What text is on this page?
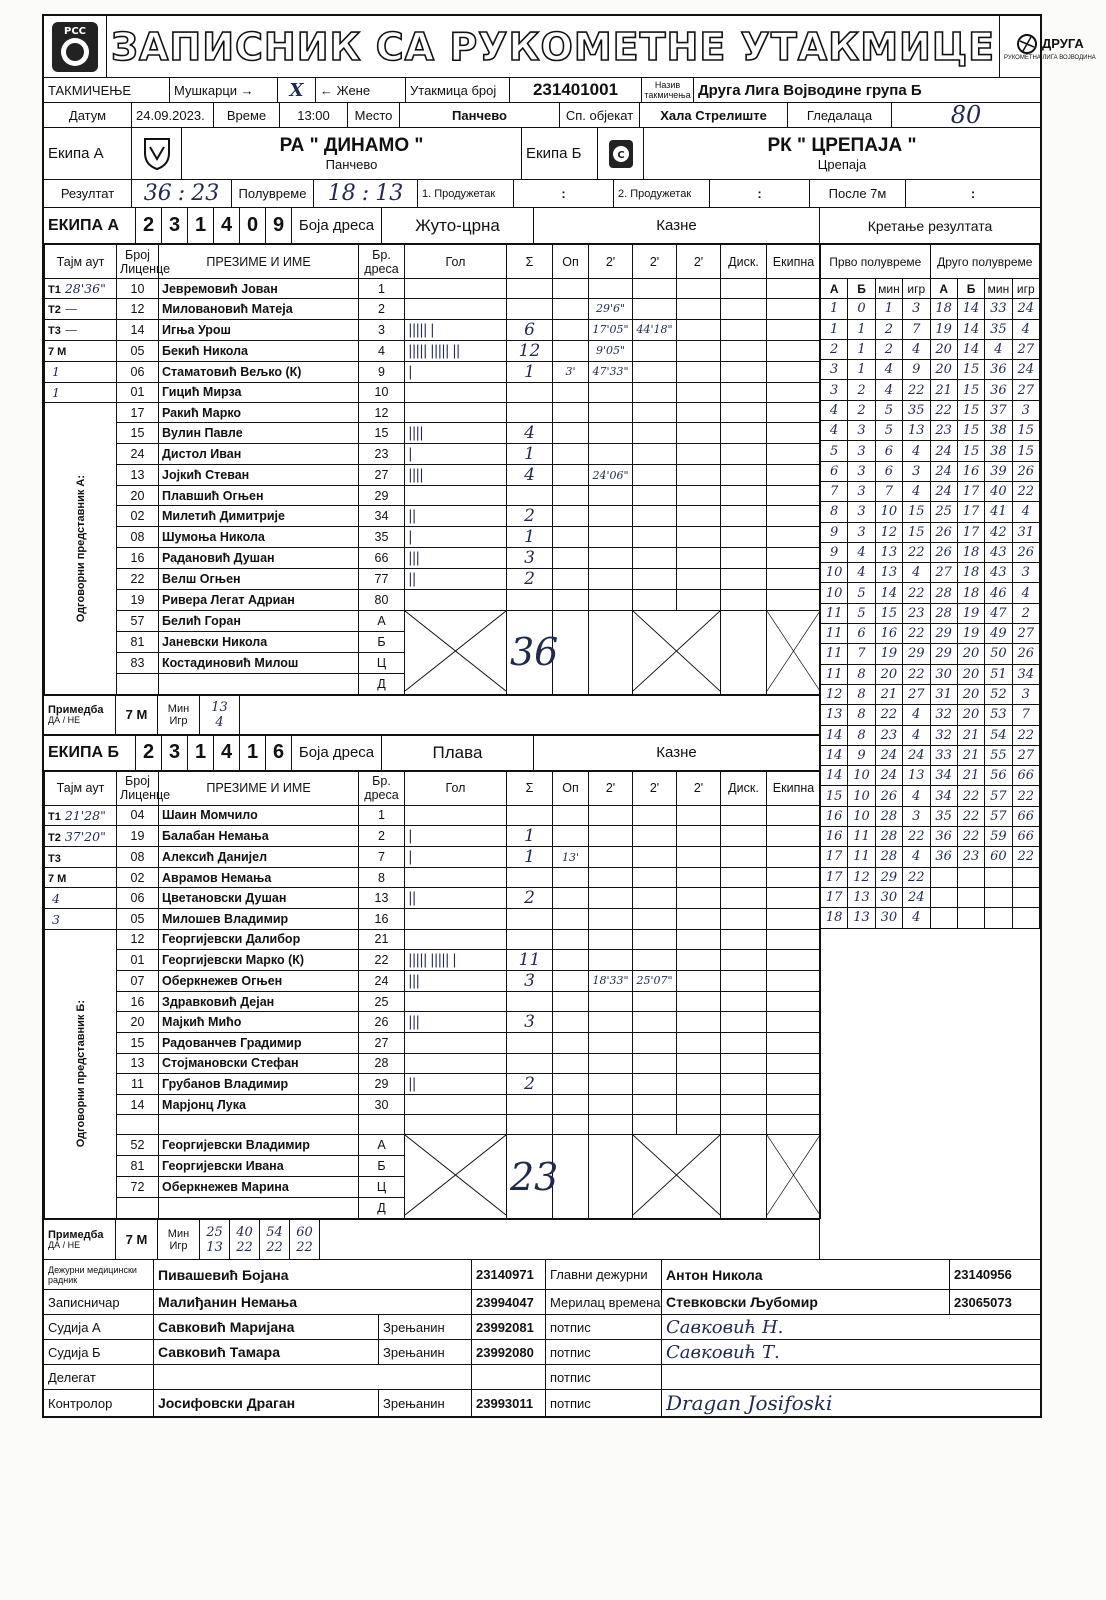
РСС ЗАПИСНИК СА РУКОМЕТНЕ УТАКМИЦЕ	ДРУГА
РУКОМЕТНА ЛИГА ВОЈВОДИНА
ТАКМИЧЕЊЕ	Мушкарци →	X	← Жене	Утакмица број	231401001	Назив такмичења Друга Лига Војводине група Б
Датум	24.09.2023.	Време	13:00	Место	Панчево	Сп. објекат	Хала Стрелиште	Гледалаца	80
Екипа А	РА " ДИНАМО "
Панчево
Екипа Б	C	РК " ЦРЕПАЈА "
Црепаја
Резултат	36 : 23	Полувреме 18 : 13	1. Продужетак	:	2. Продужетак	:	После 7м	:
ЕКИПА А	2 3 1 4 0 9 Боја дреса	Жуто-црна	Казне
Тајм аут	Број Лиценце	ПРЕЗИМЕ И ИМЕ	Бр. дреса	Гол	Σ	Оп	2'	2'	2'	Диск.	Екипна
Т1 28'36"	10	Јевремовић Јован	1								
Т2 —	12	Миловановић Матеја	2				29'6"				
Т3 —	14	Игња Урош	3	||||| |	6		17'05"	44'18"			
7 М	05	Бекић Никола	4	||||| ||||| ||	12		9'05"				
1	06	Стаматовић Вељко (К)	9	|	1	3'	47'33"				
1	01	Гицић Мирза	10								

Одговорни представник А:	17	Ракић Марко	12								
	15	Вулин Павле	15	||||	4						
	24	Дистол Иван	23	|	1						
	13	Јојкић Стеван	27	||||	4		24'06"				
	20	Плавшић Огњен	29								
	02	Милетић Димитрије	34	||	2						
	08	Шумоња Никола	35	|	1						
	16	Радановић Душан	66	|||	3						
	22	Велш Огњен	77	||	2						
	19	Ривера Легат Адриан	80								
	57	Белић Горан	А		36					
	81	Јаневски Никола	Б								
	83	Костадиновић Милош	Ц								
			Д								
Примедба
ДА / НЕ	7 М	Мин
Игр
13
4
ЕКИПА Б	2 3 1 4 1 6 Боја дреса	Плава	Казне
Тајм аут	Број Лиценце	ПРЕЗИМЕ И ИМЕ	Бр. дреса	Гол	Σ	Оп	2'	2'	2'	Диск.	Екипна
Т1 21'28"	04	Шаин Момчило	1								
Т2 37'20"	19	Балабан Немања	2	|	1						
Т3	08	Алексић Данијел	7	|	1	13'					
7 М	02	Аврамов Немања	8								
4	06	Цветановски Душан	13	||	2						
3	05	Милошев Владимир	16								

Одговорни представник Б:	12	Георгијевски Далибор	21								
	01	Георгијевски Марко (К)	22	||||| ||||| |	11						
	07	Оберкнежев Огњен	24	|||	3		18'33"	25'07"			
	16	Здравковић Дејан	25								
	20	Мајкић Мићо	26	|||	3						
	15	Радованчев Градимир	27								
	13	Стојмановски Стефан	28								
	11	Грубанов Владимир	29	||	2						
	14	Марјонц Лука	30								

	52	Георгијевски Владимир	А		23					
	81	Георгијевски Ивана	Б								
	72	Оберкнежев Марина	Ц								
			Д								
Примедба
ДА / НЕ	7 М	Мин
Игр
25
13
40
22
54
22
60
22
Кретање резултата
Прво полувреме				Друго полувреме			
А	Б	мин	игр	А	Б	мин	игр
1	0	1	3	18	14	33	24
1	1	2	7	19	14	35	4
2	1	2	4	20	14	4	27
3	1	4	9	20	15	36	24
3	2	4	22	21	15	36	27
4	2	5	35	22	15	37	3
4	3	5	13	23	15	38	15
5	3	6	4	24	15	38	15
6	3	6	3	24	16	39	26
7	3	7	4	24	17	40	22
8	3	10	15	25	17	41	4
9	3	12	15	26	17	42	31
9	4	13	22	26	18	43	26
10	4	13	4	27	18	43	3
10	5	14	22	28	18	46	4
11	5	15	23	28	19	47	2
11	6	16	22	29	19	49	27
11	7	19	29	29	20	50	26
11	8	20	22	30	20	51	34
12	8	21	27	31	20	52	3
13	8	22	4	32	20	53	7
14	8	23	4	32	21	54	22
14	9	24	24	33	21	55	27
14	10	24	13	34	21	56	66
15	10	26	4	34	22	57	22
16	10	28	3	35	22	57	66
16	11	28	22	36	22	59	66
17	11	28	4	36	23	60	22
17	12	29	22				
17	13	30	24				
18	13	30	4				
Дежурни медицински радник	Пивашевић Бојана	23140971	Главни дежурни	Антон Никола	23140956
Записничар	Малиђанин Немања	23994047	Мерилац времена Стевковски Љубомир	23065073
Судија А	Савковић Маријана	Зрењанин	23992081	потпис	Савковић Н.
Судија Б	Савковић Тамара	Зрењанин	23992080	потпис	Савковић Т.
Делегат	потпис
Контролор	Јосифовски Драган	Зрењанин	23993011	потпис	Dragan Josifoski
